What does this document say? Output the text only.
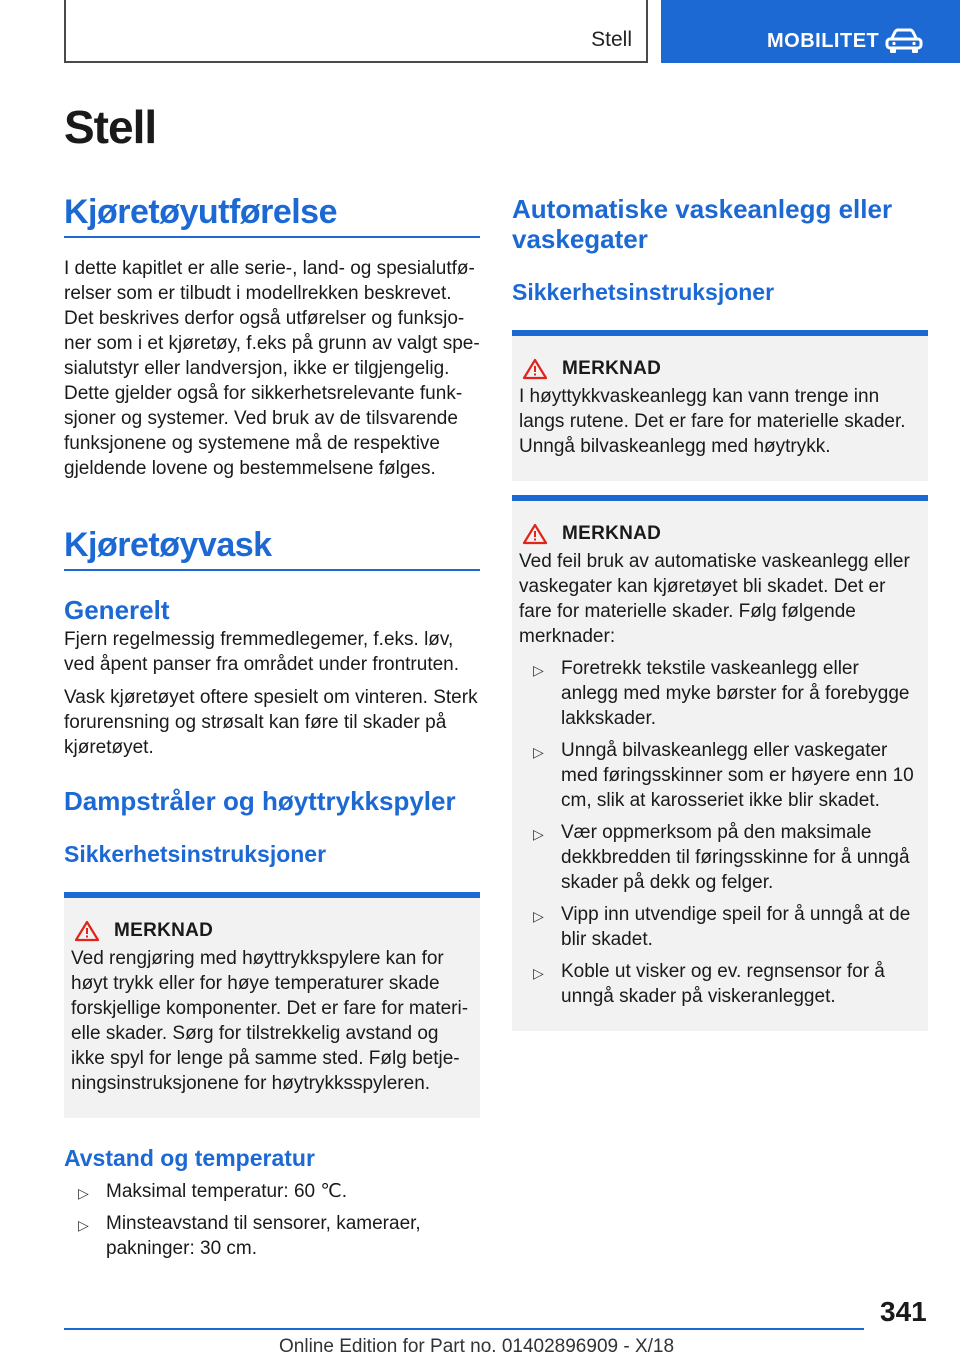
Stell	MOBILITET
Stell
Kjøretøyutførelse

I dette kapitlet er alle serie-, land- og spesialutførelser som er tilbudt i modellrekken beskrevet. Det beskrives derfor også utførelser og funksjoner som i et kjøretøy, f.eks på grunn av valgt spesialutstyr eller landversjon, ikke er tilgjengelig. Dette gjelder også for sikkerhetsrelevante funksjoner og systemer. Ved bruk av de tilsvarende funksjonene og systemene må de respektive gjeldende lovene og bestemmelsene følges.

Kjøretøyvask
Generelt

Fjern regelmessig fremmedlegemer, f.eks. løv, ved åpent panser fra området under frontruten.

Vask kjøretøyet oftere spesielt om vinteren. Sterk forurensning og strøsalt kan føre til skader på kjøretøyet.

Dampstråler og høyttrykkspyler
Sikkerhetsinstruksjoner
MERKNAD

Ved rengjøring med høyttrykkspylere kan for høyt trykk eller for høye temperaturer skade forskjellige komponenter. Det er fare for materielle skader. Sørg for tilstrekkelig avstand og ikke spyl for lenge på samme sted. Følg betjeningsinstruksjonene for høytrykksspyleren.

Avstand og temperatur
▷ Maksimal temperatur: 60 ℃.
▷ Minsteavstand til sensorer, kameraer, pakninger: 30 cm.
Automatiske vaskeanlegg eller vaskegater
Sikkerhetsinstruksjoner
MERKNAD

I høyttykkvaskeanlegg kan vann trenge inn langs rutene. Det er fare for materielle skader. Unngå bilvaskeanlegg med høytrykk.

MERKNAD

Ved feil bruk av automatiske vaskeanlegg eller vaskegater kan kjøretøyet bli skadet. Det er fare for materielle skader. Følg følgende merknader:

▷ Foretrekk tekstile vaskeanlegg eller anlegg med myke børster for å forebygge lakkskader.
▷ Unngå bilvaskeanlegg eller vaskegater med føringsskinner som er høyere enn 10 cm, slik at karosseriet ikke blir skadet.
▷ Vær oppmerksom på den maksimale dekkbredden til føringsskinne for å unngå skader på dekk og felger.
▷ Vipp inn utvendige speil for å unngå at de blir skadet.
▷ Koble ut visker og ev. regnsensor for å unngå skader på viskeranlegget.
341
Online Edition for Part no. 01402896909 - X/18
